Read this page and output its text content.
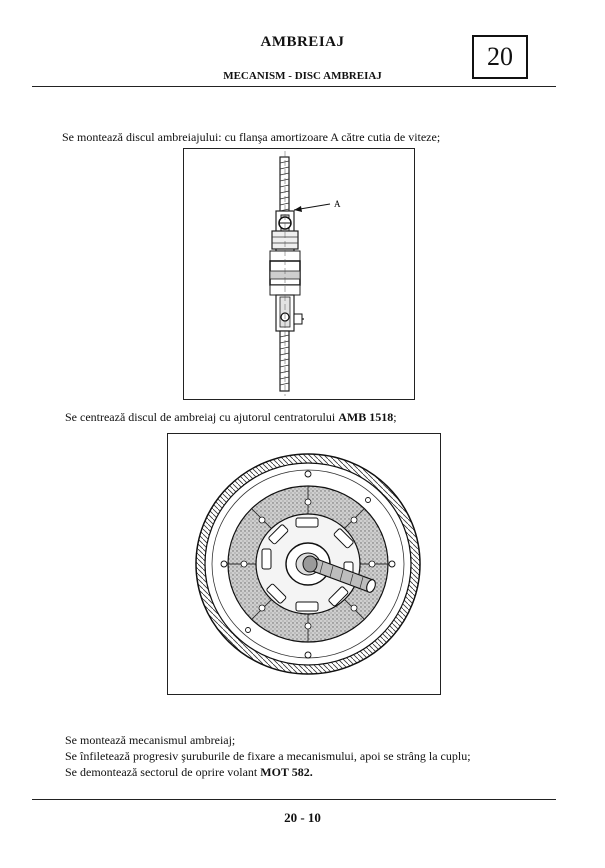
AMBREIAJ
MECANISM - DISC AMBREIAJ
20
Se montează discul ambreiajului: cu flanşa amortizoare A către cutia de viteze;
A
Se centrează discul de ambreiaj cu ajutorul centratorului AMB 1518;
Se montează mecanismul ambreiaj;
Se înfiletează progresiv şuruburile de fixare a mecanismului, apoi se strâng la cuplu;
Se demontează sectorul de oprire volant MOT 582.
20 - 10
